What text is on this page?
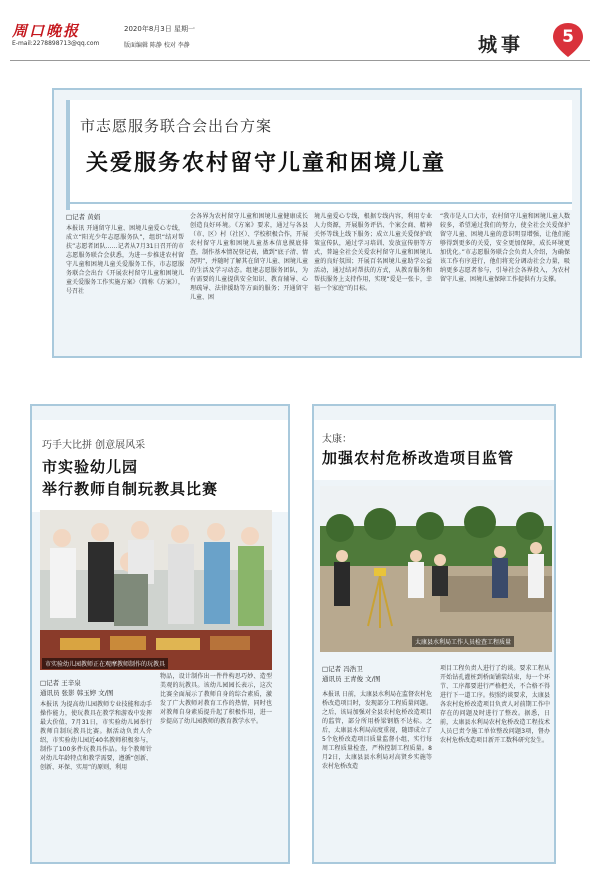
周口晚报	2020年8月3日 星期一
E-mail:2278898713@qq.com	版面编辑 陈静 校对 李静	城事	5
市志愿服务联合会出台方案
关爱服务农村留守儿童和困境儿童
□记者 黄娟
本报讯 开通留守儿童、困境儿童爱心专线，成立“阳光少年志愿服务队”，组织“结对帮扶”志愿者团队……记者从7月31日召开的市志愿服务联合会获悉，为进一步推进农村留守儿童和困境儿童关爱服务工作，市志愿服务联合会出台《开展农村留守儿童和困境儿童关爱服务工作实施方案》（简称《方案》），号召社
会各界为农村留守儿童和困境儿童健康成长创造良好环境。《方案》要求，通过与各县（市、区）村（社区）、学校积极合作，开展农村留守儿童和困境儿童基本信息摸底排查，制作基本情况登记表，做到“底子清、情况明”，并随时了解其在留守儿童、困境儿童的生活及学习动态。组建志愿服务团队，为有需要的儿童提供安全知识、教育辅导、心理疏导、法律援助等方面的服务；开通留守儿童、困
境儿童爱心专线，根据专线内容，利用专业人力资源，开展服务评估、个案会商、精神关怀等线上线下服务；成立儿童关爱保护政策宣传队，通过学习培训、发放宣传册等方式，普遍全社会关爱农村留守儿童和困境儿童的良好氛围；开展百名困境儿童助学公益活动，通过结对帮扶的方式，从教育服务和帮扶服务上支持作用，实现“爱是一张卡，幸福一个家庭”的目标。
“我市是人口大市，农村留守儿童和困境儿童人数较多，希望通过我们的努力，使全社会关爱保护留守儿童、困境儿童的意识明显增强，让他们能够得到更多的关爱，安全更加保障，成长环境更加优化。”市志愿服务联合会负责人介绍，为确保该工作有序进行，他们将充分调动社会力量，吸纳更多志愿者参与，引导社会各界投入，为农村留守儿童、困境儿童保障工作提供有力支撑。
巧手大比拼 创意展风采
市实验幼儿园
举行教师自制玩教具比赛
市实验幼儿园教师正在观摩教师制作的玩教具
□记者 王辛泉
通讯员 张影 韩玉婷 文/图
本报讯 为提高幼儿园教师专业技能和动手操作能力，使玩教具在教学和游戏中发挥最大价值，7月31日，市实验幼儿园举行教师自制玩教具比赛。据活动负责人介绍，市实验幼儿园近40名教师积极参与，制作了100多件玩教具作品。每个教师针对幼儿年龄特点和教学需要，遵循“创新、创新、环保、实用”的原则，利用
物品，设计制作出一件件构思巧妙、造型美观的玩教具。该幼儿园园长表示，这次比赛全面展示了教师自身的综合素质，激发了广大教师对教育工作的热情，同时也对教师自身素质提升起了积极作用，进一步提高了幼儿园教师的教育教学水平。
太康：
加强农村危桥改造项目监管
太康县水利局工作人员检查工程质量
□记者 冯浩卫
通讯员 王青俊 文/图
本报讯 日前，太康县水利局在监督农村危桥改造项目时，发现部分工程质量问题。之后，该局加强对全县农村危桥改造项目的监管，部分所用桥梁钢筋不达标。之后，太康县水利局高度重视，随即成立了5个危桥改造项目质量监督小组，实行每周工程质量检查，严格控制工程质量。8月2日，太康县县水利局对高贤乡实施等农村危桥改造
项目工程负责人进行了约谈。要求工程从开始钻孔灌桩到桥面铺装结束，每一个环节、工序都要进行严格把关，不合格不得进行下一道工序。按照约谈要求，太康县各农村危桥改造项目负责人对前期工作中存在的问题及时进行了整改。据悉，日前，太康县水利局农村危桥改造工程技术人员已责令施工单位整改问题3项，督办农村危桥改造项目新开工数科研究发生。
